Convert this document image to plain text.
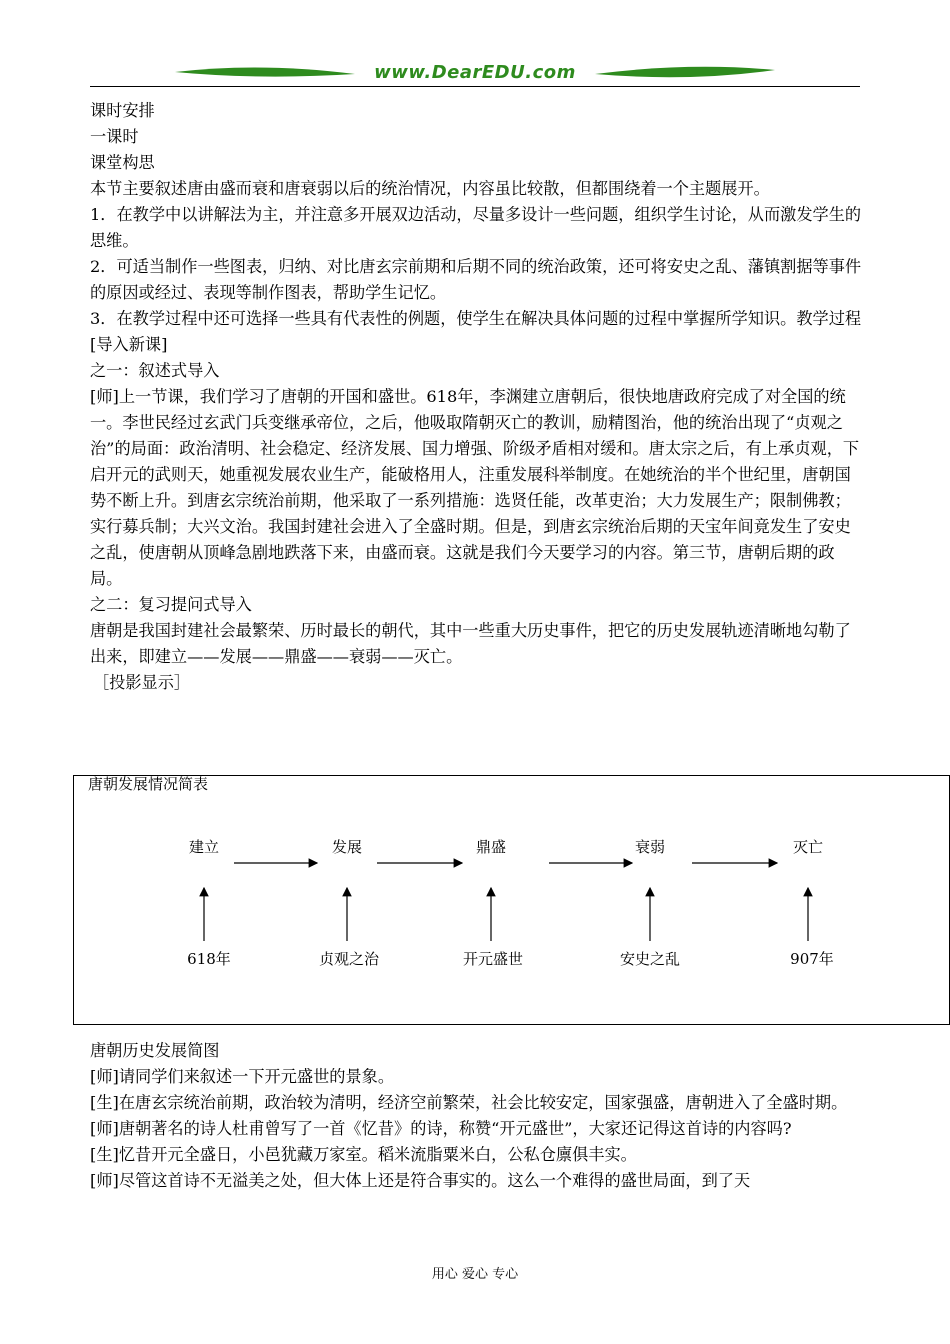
www.DearEDU.com

课时安排

一课时

课堂构思

本节主要叙述唐由盛而衰和唐衰弱以后的统治情况，内容虽比较散，但都围绕着一个主题展开。

1．在教学中以讲解法为主，并注意多开展双边活动，尽量多设计一些问题，组织学生讨论，从而激发学生的思维。

2．可适当制作一些图表，归纳、对比唐玄宗前期和后期不同的统治政策，还可将安史之乱、藩镇割据等事件的原因或经过、表现等制作图表，帮助学生记忆。

3．在教学过程中还可选择一些具有代表性的例题，使学生在解决具体问题的过程中掌握所学知识。教学过程

[导入新课]

之一：叙述式导入

[师]上一节课，我们学习了唐朝的开国和盛世。618年，李渊建立唐朝后，很快地唐政府完成了对全国的统一。李世民经过玄武门兵变继承帝位，之后，他吸取隋朝灭亡的教训，励精图治，他的统治出现了“贞观之治”的局面：政治清明、社会稳定、经济发展、国力增强、阶级矛盾相对缓和。唐太宗之后，有上承贞观，下启开元的武则天，她重视发展农业生产，能破格用人，注重发展科举制度。在她统治的半个世纪里，唐朝国势不断上升。到唐玄宗统治前期，他采取了一系列措施：选贤任能，改革吏治；大力发展生产；限制佛教；实行募兵制；大兴文治。我国封建社会进入了全盛时期。但是，到唐玄宗统治后期的天宝年间竟发生了安史之乱，使唐朝从顶峰急剧地跌落下来，由盛而衰。这就是我们今天要学习的内容。第三节，唐朝后期的政局。

之二：复习提问式导入

唐朝是我国封建社会最繁荣、历时最长的朝代，其中一些重大历史事件，把它的历史发展轨迹清晰地勾勒了出来，即建立——发展——鼎盛——衰弱——灭亡。

［投影显示］

唐朝发展情况简表
建立	发展	鼎盛	衰弱	灭亡
618年	贞观之治	开元盛世	安史之乱	907年

唐朝历史发展简图

[师]请同学们来叙述一下开元盛世的景象。

[生]在唐玄宗统治前期，政治较为清明，经济空前繁荣，社会比较安定，国家强盛，唐朝进入了全盛时期。

[师]唐朝著名的诗人杜甫曾写了一首《忆昔》的诗，称赞“开元盛世”，大家还记得这首诗的内容吗?

[生]忆昔开元全盛日，小邑犹藏万家室。稻米流脂粟米白，公私仓廪俱丰实。

[师]尽管这首诗不无溢美之处，但大体上还是符合事实的。这么一个难得的盛世局面，到了天

用心 爱心 专心
